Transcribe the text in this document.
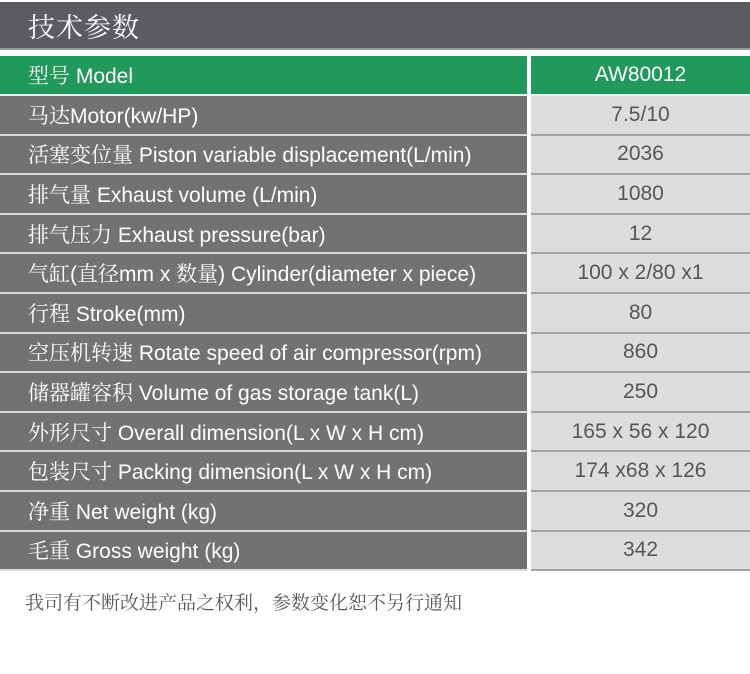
技术参数
型号 Model	AW80012
马达Motor(kw/HP)	7.5/10
活塞变位量 Piston variable displacement(L/min)	2036
排气量 Exhaust volume (L/min)	1080
排气压力 Exhaust pressure(bar)	12
气缸(直径mm x 数量) Cylinder(diameter x piece)	100 x 2/80 x1
行程 Stroke(mm)	80
空压机转速 Rotate speed of air compressor(rpm)	860
储器罐容积 Volume of gas storage tank(L)	250
外形尺寸 Overall dimension(L x W x H cm)	165 x 56 x 120
包装尺寸 Packing dimension(L x W x H cm)	174 x68 x 126
净重 Net weight (kg)	320
毛重 Gross weight (kg)	342
我司有不断改进产品之权利，参数变化恕不另行通知
